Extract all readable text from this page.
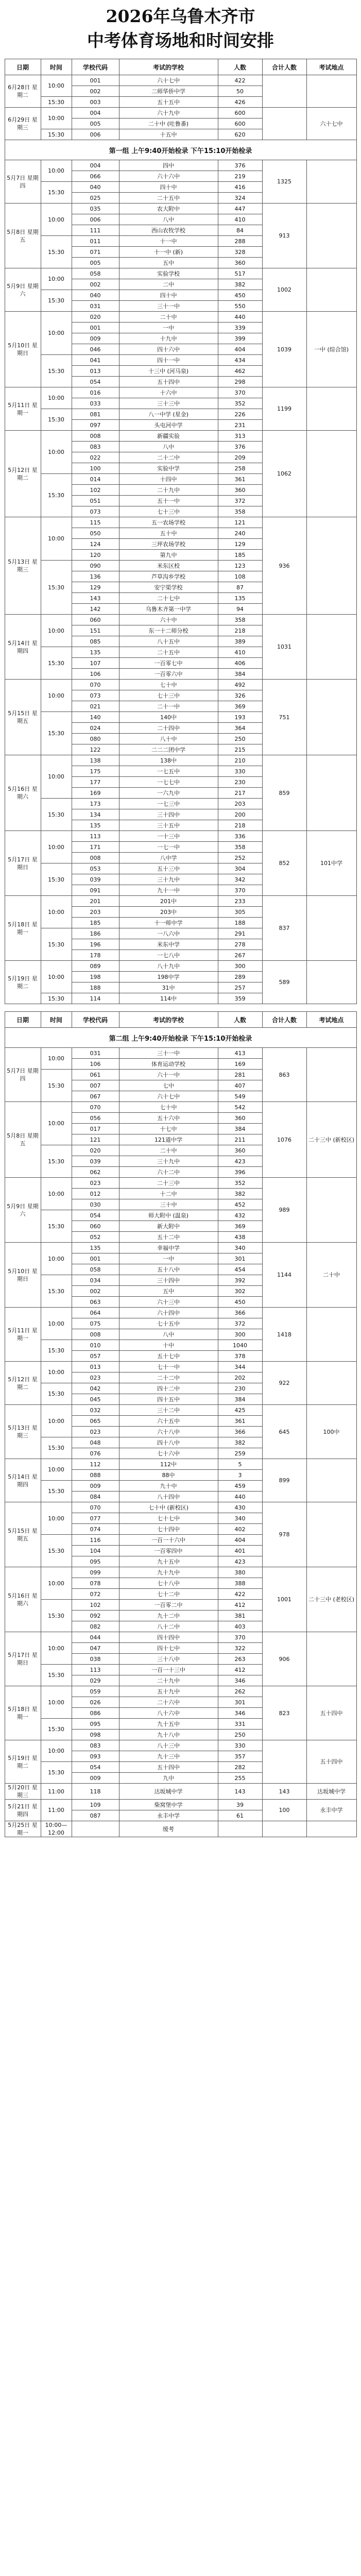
2026年乌鲁木齐市
中考体育场地和时间安排
日期	时间	学校代码	考试的学校	人数	合计人数	考试地点
6月28日 星期二	10:00	001	六十七中	422		
		002	二师华侨中学	50		
	15:30	003	五十五中	426		
6月29日 星期三	10:00	004	六十九中	600		六十七中
		005	二十中 (吐鲁番)	600		
	15:30	006	十五中	620		
第一组 上午9:40开始检录 下午15:10开始检录						
5月7日 星期四	10:00	004	四中	376	1325	
		066	六十六中	219		
	15:30	040	四十中	416		
		025	二十五中	324		
5月8日 星期五	10:00	035	农大附中	447	913	
		006	八中	410		
		111	西山农牧学校	84		
	15:30	011	十一中	288		
		071	十一中 (新)	328		
		005	五中	360		
5月9日 星期六	10:00	058	实验学校	517	1002	
		002	二中	382		
	15:30	040	四十中	450		
		031	三十一中	550		
5月10日 星期日	10:00	020	二十中	440	1039	一中 (综合馆)
		001	一中	339		
		009	十九中	399		
		046	四十六中	404		
	15:30	041	四十一中	434		
		013	十三中 (河马泉)	462		
		054	五十四中	298		
5月11日 星期一	10:00	016	十六中	370	1199	
		033	三十三中	352		
	15:30	081	八一中学 (星金)	226		
		097	头屯河中学	231		
5月12日 星期二	10:00	008	新疆实验	313	1062	
		083	八中	376		
		022	二十二中	209		
		100	实验中学	258		
	15:30	014	十四中	361		
		102	二十九中	360		
		051	五十一中	372		
		073	七十三中	358		
5月13日 星期三	10:00	115	五一农场学校	121	936	
		050	五十中	240		
		124	三坪农场学校	129		
		120	第九中	185		
	15:30	090	米东区校	123		
		136	芦草沟乡学校	108		
		129	安宁渠学校	87		
		143	二十七中	135		
		142	乌鲁木齐第一中学	94		
5月14日 星期四	10:00	060	六十中	358	1031	
		151	东一十二师分校	218		
		085	八十五中	389		
	15:30	135	二十五中	410		
		107	一百零七中	406		
		106	一百零六中	384		
5月15日 星期五	10:00	070	七十中	492	751	
		073	七十三中	326		
		021	二十一中	369		
	15:30	140	140中	193		
		024	二十四中	364		
		080	八十中	250		
		122	二二二团中学	215		
5月16日 星期六	10:00	138	138中	210	859	
		175	一七五中	330		
		177	一七七中	230		
		169	一六九中	217		
	15:30	173	一七三中	203		
		134	三十四中	200		
		135	三十五中	218		
5月17日 星期日	10:00	113	一十三中	336	852	101中学
		171	一七一中	358		
		008	八中学	252		
	15:30	053	五十三中	304		
		039	三十九中	342		
		091	九十一中	370		
5月18日 星期一	10:00	201	201中	233	837	
		203	203中	305		
		185	十一师中学	188		
	15:30	186	一八六中	291		
		196	米东中学	278		
		178	一七八中	267		
5月19日 星期二	10:00	089	八十九中	300	589	
		198	198中学	289		
		188	31中	257		
	15:30	114	114中	359		
日期	时间	学校代码	考试的学校	人数	合计人数	考试地点
第二组 上午9:40开始检录 下午15:10开始检录						
5月7日 星期四	10:00	031	三十一中	413	863	
		106	体育运动学校	169		
	15:30	061	六十一中	281		
		007	七中	407		
		067	六十七中	549		
5月8日 星期五	10:00	070	七十中	542	1076	二十三中 (新校区)
		056	五十六中	360		
		017	十七中	384		
		121	121道中学	211		
	15:30	020	二十中	360		
		039	三十九中	423		
		062	六十二中	396		
5月9日 星期六	10:00	023	二十三中	352	989	
		012	十二中	382		
		030	三十中	452		
	15:30	054	师大附中 (温泉)	432		
		060	新大附中	369		
		052	五十二中	438		
5月10日 星期日	10:00	135	幸福中学	340	1144	二十中
		001	一中	301		
		058	五十八中	454		
	15:30	034	三十四中	392		
		002	五中	302		
		063	六十三中	450		
5月11日 星期一	10:00	064	六十四中	366	1418	
		075	七十五中	372		
		008	八中	300		
	15:30	010	十中	1040		
		057	五十七中	378		
5月12日 星期二	10:00	013	七十一中	344	922	
		023	二十二中	202		
	15:30	042	四十二中	230		
		045	四十五中	384		
5月13日 星期三	10:00	032	三十二中	425	645	100中
		065	六十五中	361		
		023	六十八中	366		
	15:30	048	四十八中	382		
		076	七十六中	259		
5月14日 星期四	10:00	112	112中	5	899	
		088	88中	3		
	15:30	009	九十中	459		
		084	八十四中	440		
5月15日 星期五	10:00	070	七十中 (新校区)	430	978	
		077	七十七中	340		
		074	七十四中	402		
	15:30	116	一百一十六中	404		
		104	一百零四中	401		
		095	九十五中	423		
5月16日 星期六	10:00	099	九十九中	380	1001	二十三中 (老校区)
		078	七十八中	388		
		072	七十二中	422		
	15:30	102	一百零二中	412		
		092	九十二中	381		
		082	八十二中	403		
5月17日 星期日	10:00	044	四十四中	370	906	
		047	四十七中	322		
		038	三十八中	263		
	15:30	113	一百一十三中	412		
		029	二十九中	346		
5月18日 星期一	10:00	059	五十九中	262	823	五十四中
		026	二十六中	301		
		086	八十六中	346		
	15:30	095	九十五中	331		
		098	九十八中	250		
5月19日 星期二	10:00	083	八十三中	330		五十四中
		093	九十三中	357		
	15:30	054	五十四中	282		
		009	九中	255		
5月20日 星期三	11:00	118	达坂城中学	143	143	达坂城中学
5月21日 星期四	11:00	109	柴窝堡中学	39	100	永丰中学
		087	永丰中学	61		
5月25日 星期一	10:00—12:00		缓考			
